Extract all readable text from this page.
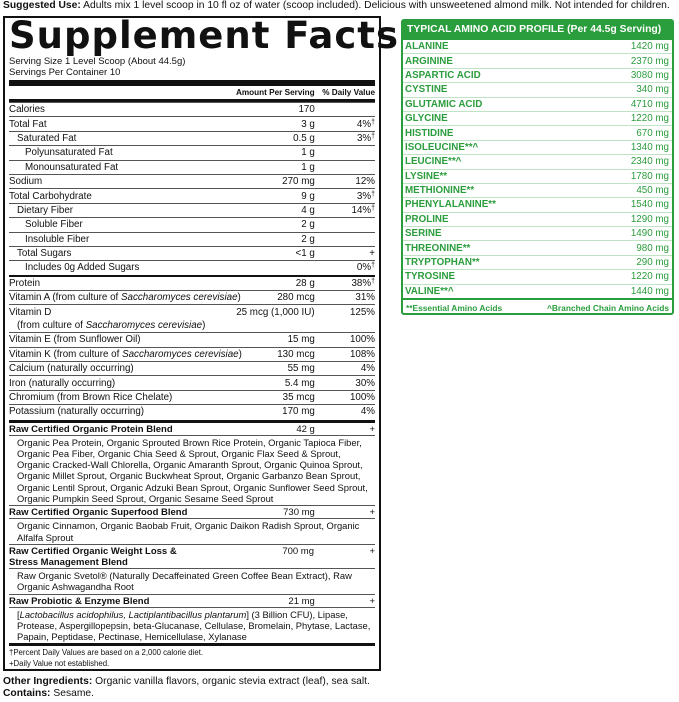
Suggested Use: Adults mix 1 level scoop in 10 fl oz of water (scoop included). Delicious with unsweetened almond milk. Not intended for children.
Supplement Facts
Serving Size 1 Level Scoop (About 44.5g)
Servings Per Container 10
Amount Per Serving % Daily Value
Calories	170
Total Fat	3 g	4%†
Saturated Fat	0.5 g	3%†
Polyunsaturated Fat	1 g
Monounsaturated Fat	1 g
Sodium	270 mg	12%
Total Carbohydrate	9 g	3%†
Dietary Fiber	4 g	14%†
Soluble Fiber	2 g
Insoluble Fiber	2 g
Total Sugars	<1 g	+
Includes 0g Added Sugars	0%†
Protein	28 g	38%†
Vitamin A (from culture of Saccharomyces cerevisiae)	280 mcg	31%
Vitamin D	25 mcg (1,000 IU)	125%
(from culture of Saccharomyces cerevisiae)
Vitamin E (from Sunflower Oil)	15 mg	100%
Vitamin K (from culture of Saccharomyces cerevisiae)	130 mcg	108%
Calcium (naturally occurring)	55 mg	4%
Iron (naturally occurring)	5.4 mg	30%
Chromium (from Brown Rice Chelate)	35 mcg	100%
Potassium (naturally occurring)	170 mg	4%
Raw Certified Organic Protein Blend	42 g	+
Organic Pea Protein, Organic Sprouted Brown Rice Protein, Organic Tapioca Fiber, Organic Pea Fiber, Organic Chia Seed & Sprout, Organic Flax Seed & Sprout, Organic Cracked-Wall Chlorella, Organic Amaranth Sprout, Organic Quinoa Sprout, Organic Millet Sprout, Organic Buckwheat Sprout, Organic Garbanzo Bean Sprout, Organic Lentil Sprout, Organic Adzuki Bean Sprout, Organic Sunflower Seed Sprout, Organic Pumpkin Seed Sprout, Organic Sesame Seed Sprout
Raw Certified Organic Superfood Blend	730 mg	+
Organic Cinnamon, Organic Baobab Fruit, Organic Daikon Radish Sprout, Organic Alfalfa Sprout
Raw Certified Organic Weight Loss & Stress Management Blend
700 mg	+
Raw Organic Svetol® (Naturally Decaffeinated Green Coffee Bean Extract), Raw Organic Ashwagandha Root
Raw Probiotic & Enzyme Blend	21 mg	+
[Lactobacillus acidophilus, Lactiplantibacillus plantarum] (3 Billion CFU), Lipase, Protease, Aspergillopepsin, beta-Glucanase, Cellulase, Bromelain, Phytase, Lactase, Papain, Peptidase, Pectinase, Hemicellulase, Xylanase
†Percent Daily Values are based on a 2,000 calorie diet.
+Daily Value not established.
Other Ingredients: Organic vanilla flavors, organic stevia extract (leaf), sea salt.
Contains: Sesame.
TYPICAL AMINO ACID PROFILE (Per 44.5g Serving)
ALANINE	1420 mg
ARGININE	2370 mg
ASPARTIC ACID	3080 mg
CYSTINE	340 mg
GLUTAMIC ACID	4710 mg
GLYCINE	1220 mg
HISTIDINE	670 mg
ISOLEUCINE**^	1340 mg
LEUCINE**^	2340 mg
LYSINE**	1780 mg
METHIONINE**	450 mg
PHENYLALANINE**	1540 mg
PROLINE	1290 mg
SERINE	1490 mg
THREONINE**	980 mg
TRYPTOPHAN**	290 mg
TYROSINE	1220 mg
VALINE**^	1440 mg
**Essential Amino Acids	^Branched Chain Amino Acids
